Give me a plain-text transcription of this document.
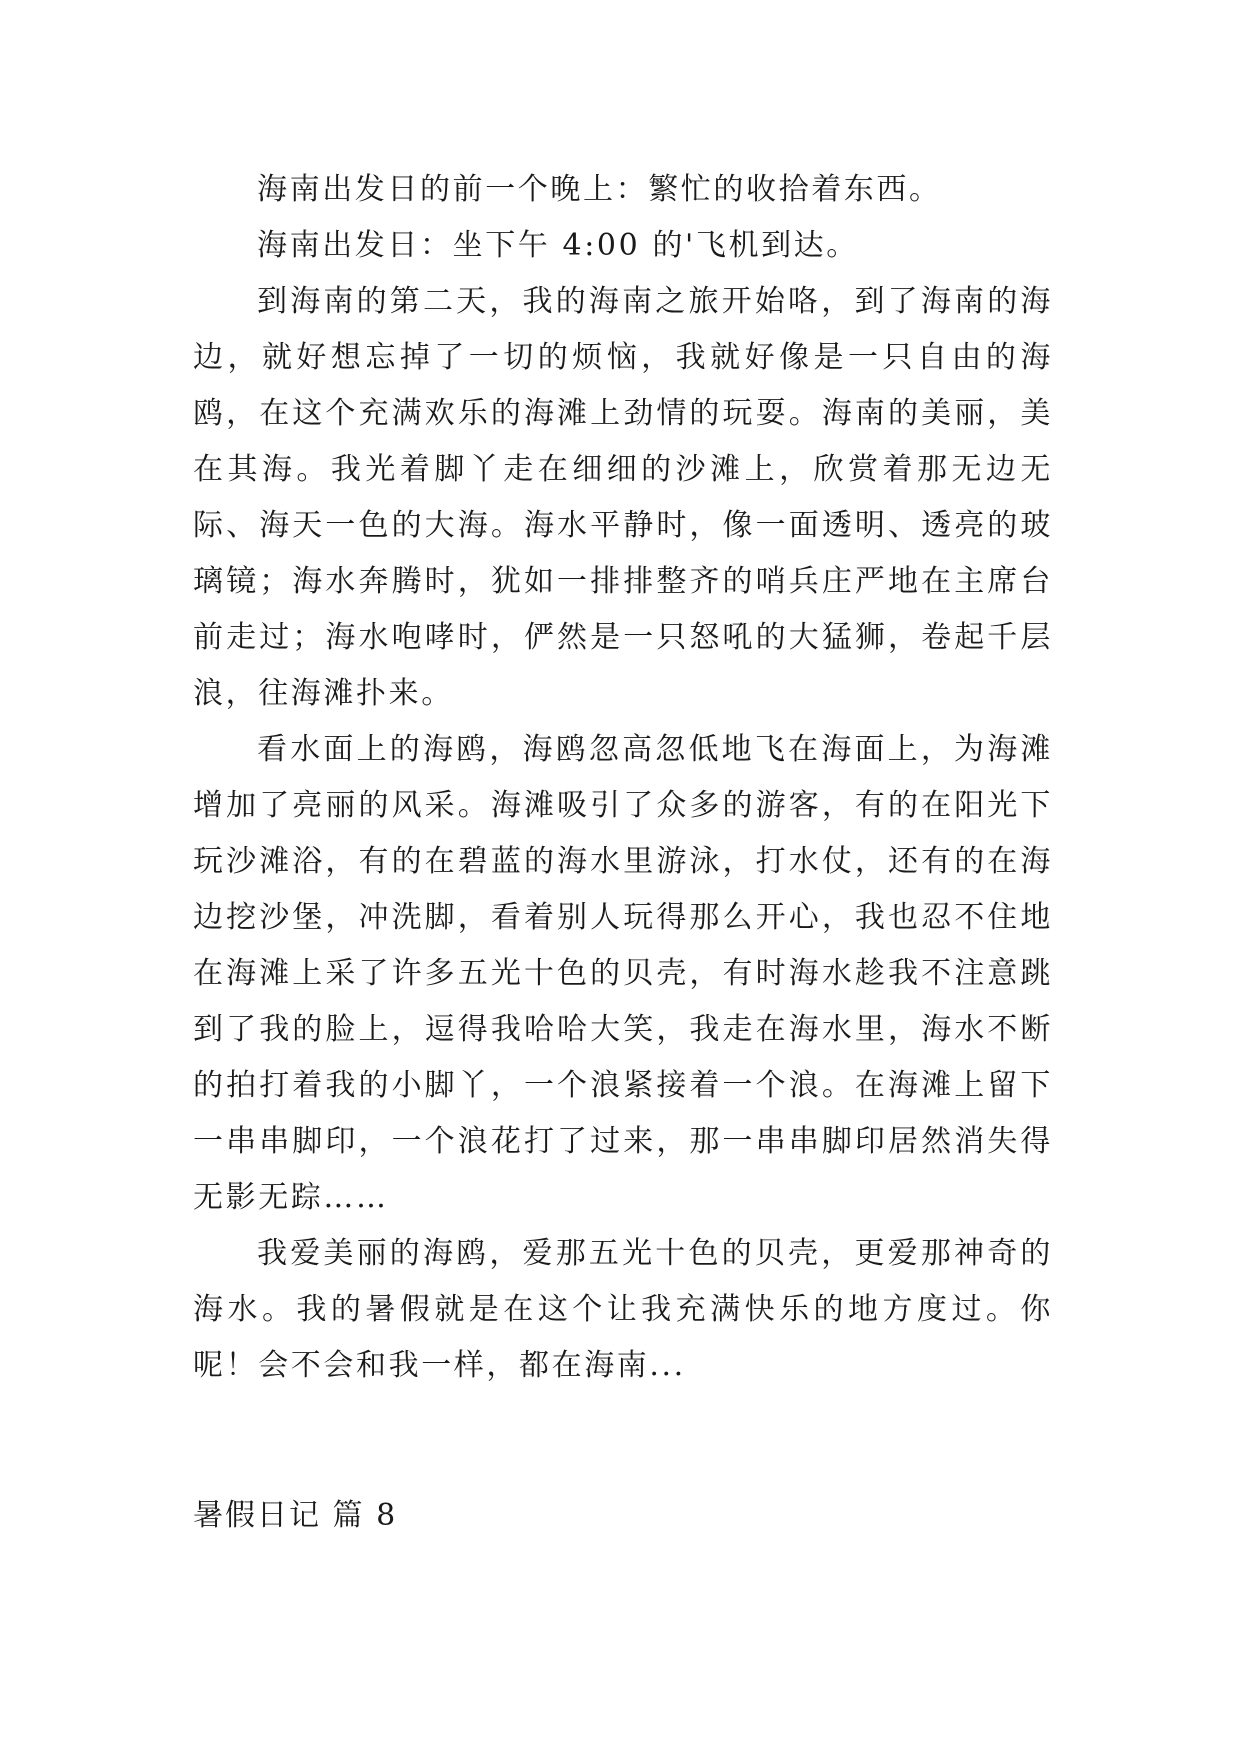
海南出发日的前一个晚上：繁忙的收拾着东西。

海南出发日：坐下午 4:00 的'飞机到达。

到海南的第二天，我的海南之旅开始咯，到了海南的海边，就好想忘掉了一切的烦恼，我就好像是一只自由的海鸥，在这个充满欢乐的海滩上劲情的玩耍。海南的美丽，美在其海。我光着脚丫走在细细的沙滩上，欣赏着那无边无际、海天一色的大海。海水平静时，像一面透明、透亮的玻璃镜；海水奔腾时，犹如一排排整齐的哨兵庄严地在主席台前走过；海水咆哮时，俨然是一只怒吼的大猛狮，卷起千层浪，往海滩扑来。

看水面上的海鸥，海鸥忽高忽低地飞在海面上，为海滩增加了亮丽的风采。海滩吸引了众多的游客，有的在阳光下玩沙滩浴，有的在碧蓝的海水里游泳，打水仗，还有的在海边挖沙堡，冲洗脚，看着别人玩得那么开心，我也忍不住地在海滩上采了许多五光十色的贝壳，有时海水趁我不注意跳到了我的脸上，逗得我哈哈大笑，我走在海水里，海水不断的拍打着我的小脚丫，一个浪紧接着一个浪。在海滩上留下一串串脚印，一个浪花打了过来，那一串串脚印居然消失得无影无踪……

我爱美丽的海鸥，爱那五光十色的贝壳，更爱那神奇的海水。我的暑假就是在这个让我充满快乐的地方度过。你呢！会不会和我一样，都在海南...

暑假日记 篇 8
